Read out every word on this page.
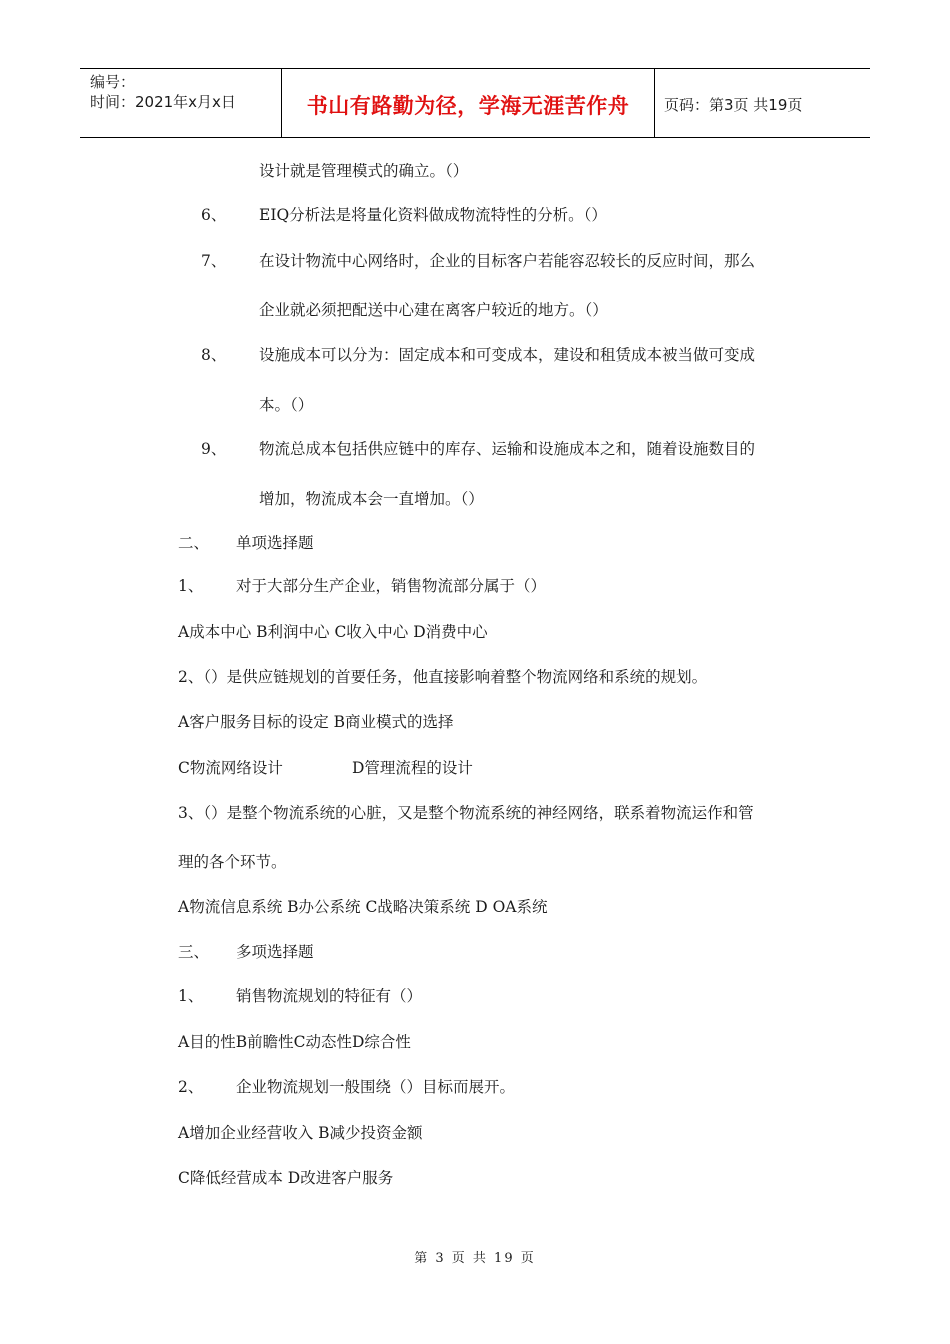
编号：
时间：2021年x月x日	书山有路勤为径，学海无涯苦作舟	页码：第3页 共19页
设计就是管理模式的确立。（）
6、 EIQ分析法是将量化资料做成物流特性的分析。（）
7、 在设计物流中心网络时，企业的目标客户若能容忍较长的反应时间，那么
企业就必须把配送中心建在离客户较近的地方。（）
8、 设施成本可以分为：固定成本和可变成本，建设和租赁成本被当做可变成
本。（）
9、 物流总成本包括供应链中的库存、运输和设施成本之和，随着设施数目的
增加，物流成本会一直增加。（）
二、 单项选择题
1、 对于大部分生产企业，销售物流部分属于（）
A成本中心 B利润中心 C收入中心 D消费中心
2、（）是供应链规划的首要任务，他直接影响着整个物流网络和系统的规划。
A客户服务目标的设定 B商业模式的选择
C物流网络设计	D管理流程的设计
3、（）是整个物流系统的心脏，又是整个物流系统的神经网络，联系着物流运作和管
理的各个环节。
A物流信息系统 B办公系统 C战略决策系统 D OA系统
三、 多项选择题
1、 销售物流规划的特征有（）
A目的性B前瞻性C动态性D综合性
2、 企业物流规划一般围绕（）目标而展开。
A增加企业经营收入 B减少投资金额
C降低经营成本 D改进客户服务
第 3 页 共 19 页
